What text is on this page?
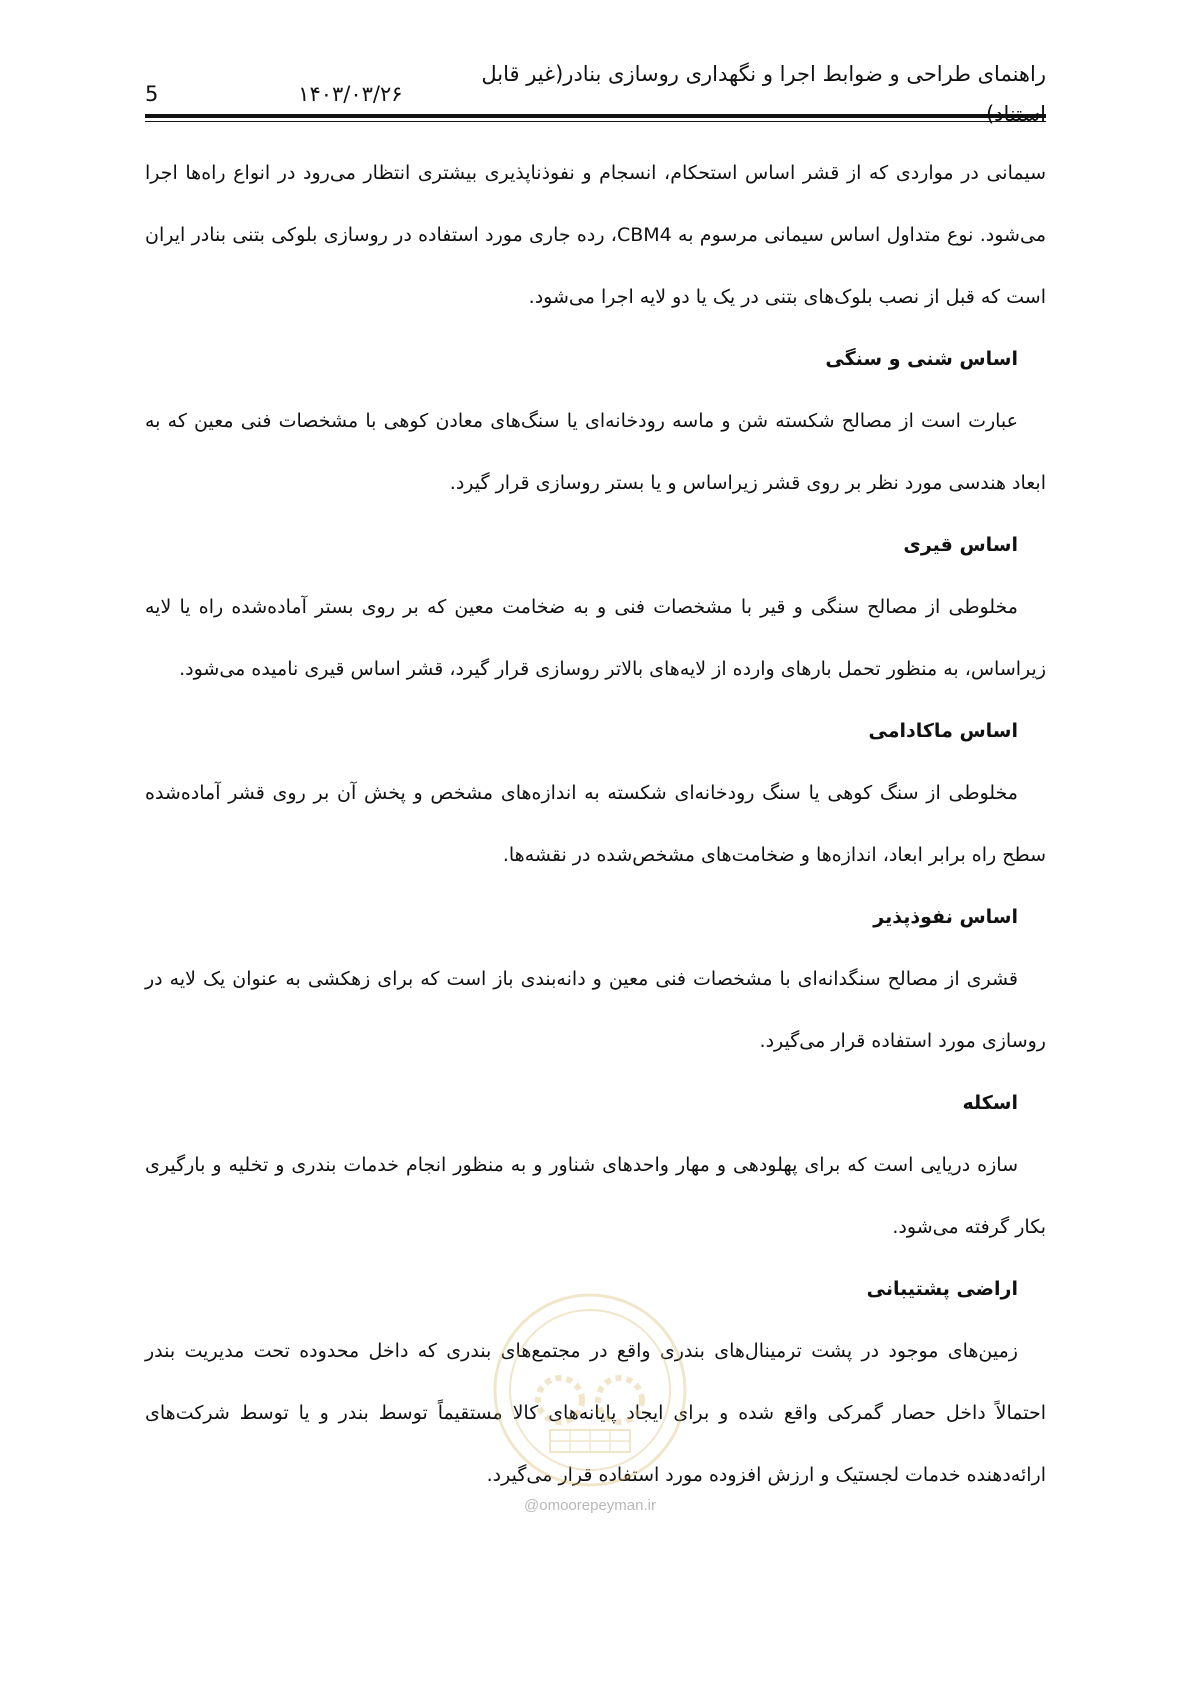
راهنمای طراحی و ضوابط اجرا و نگهداری روسازی بنادر(غیر قابل
۱۴۰۳/۰۳/۲۶
5

سیمانی در مواردی که از قشر اساس استحکام، انسجام و نفوذناپذیری بیشتری انتظار می‌رود در انواع راه‌ها اجرا می‌شود. نوع متداول اساس سیمانی مرسوم به CBM4، رده جاری مورد استفاده در روسازی بلوکی بتنی بنادر ایران است که قبل از نصب بلوک‌های بتنی در یک یا دو لایه اجرا می‌شود.

اساس شنی و سنگی

عبارت است از مصالح شکسته شن و ماسه رودخانه‌ای یا سنگ‌های معادن کوهی با مشخصات فنی معین که به ابعاد هندسی مورد نظر بر روی قشر زیراساس و یا بستر روسازی قرار گیرد.

اساس قیری

مخلوطی از مصالح سنگی و قیر با مشخصات فنی و به ضخامت معین که بر روی بستر آماده‌شده راه یا لایه زیراساس، به منظور تحمل بارهای وارده از لایه‌های بالاتر روسازی قرار گیرد، قشر اساس قیری نامیده می‌شود.

اساس ماکادامی

مخلوطی از سنگ کوهی یا سنگ رودخانه‌ای شکسته به اندازه‌های مشخص و پخش آن بر روی قشر آماده‌شده سطح راه برابر ابعاد، اندازه‌ها و ضخامت‌های مشخص‌شده در نقشه‌ها.

اساس نفوذپذیر

قشری از مصالح سنگدانه‌ای با مشخصات فنی معین و دانه‌بندی باز است که برای زهکشی به عنوان یک لایه در روسازی مورد استفاده قرار می‌گیرد.

اسکله

سازه دریایی است که برای پهلودهی و مهار واحدهای شناور و به منظور انجام خدمات بندری و تخلیه و بارگیری بکار گرفته می‌شود.

اراضی پشتیبانی

زمین‌های موجود در پشت ترمینال‌های بندری واقع در مجتمع‌های بندری که داخل محدوده تحت مدیریت بندر احتمالاً داخل حصار گمرکی واقع شده و برای ایجاد پایانه‌های کالا مستقیماً توسط بندر و یا توسط شرکت‌های ارائه‌دهنده خدمات لجستیک و ارزش افزوده مورد استفاده قرار می‌گیرد.

@omoorepeyman.ir
